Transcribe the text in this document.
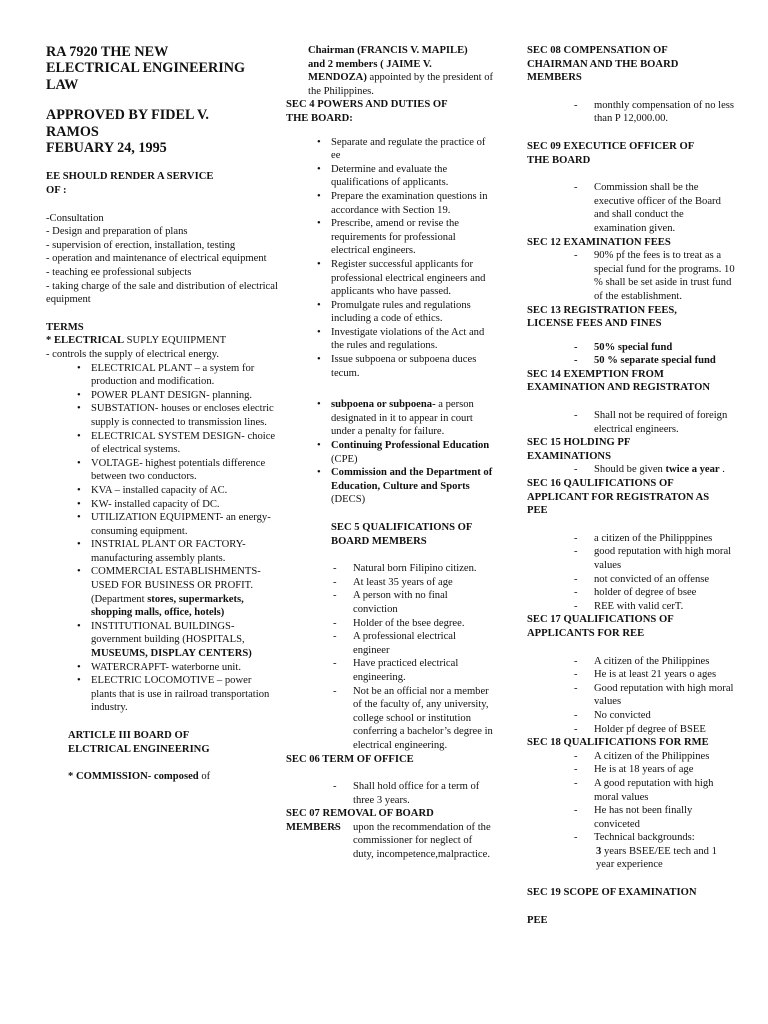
RA 7920 THE NEW
ELECTRICAL ENGINEERING
LAW

APPROVED BY FIDEL V.
RAMOS
FEBUARY 24, 1995

EE SHOULD RENDER A SERVICE
OF :

-Consultation

- Design and preparation of plans

- supervision of erection, installation, testing

- operation and maintenance of electrical equipment

- teaching ee professional subjects

- taking charge of the sale and distribution of electrical equipment

TERMS

* ELECTRICAL SUPLY EQUIIPMENT

- controls the supply of electrical energy.

• ELECTRICAL PLANT – a system for production and modification.
• POWER PLANT DESIGN- planning.
• SUBSTATION- houses or encloses electric supply is connected to transmission lines.
• ELECTRICAL SYSTEM DESIGN- choice of electrical systems.
• VOLTAGE- highest potentials difference between two conductors.
• KVA – installed capacity of AC.
• KW- installed capacity of DC.
• UTILIZATION EQUIPMENT- an energy-consuming equipment.
• INSTRIAL PLANT OR FACTORY- manufacturing assembly plants.
• COMMERCIAL ESTABLISHMENTS- USED FOR BUSINESS OR PROFIT. (Department stores, supermarkets, shopping malls, office, hotels)
• INSTITUTIONAL BUILDINGS-government building (HOSPITALS, MUSEUMS, DISPLAY CENTERS)
• WATERCRAPFT- waterborne unit.
• ELECTRIC LOCOMOTIVE – power plants that is use in railroad transportation industry.

ARTICLE III BOARD OF
ELCTRICAL ENGINEERING

* COMMISSION- composed of

Chairman (FRANCIS V. MAPILE)
and 2 members ( JAIME V.
MENDOZA) appointed by the president of the Philippines.

SEC 4 POWERS AND DUTIES OF
THE BOARD:

• Separate and regulate the practice of ee
• Determine and evaluate the qualifications of applicants.
• Prepare the examination questions in accordance with Section 19.
• Prescribe, amend or revise the requirements for professional electrical engineers.
• Register successful applicants for professional electrical engineers and applicants who have passed.
• Promulgate rules and regulations including a code of ethics.
• Investigate violations of the Act and the rules and regulations.
• Issue subpoena or subpoena duces tecum.
• subpoena or subpoena- a person designated in it to appear in court under a penalty for failure.
• Continuing Professional Education (CPE)
• Commission and the Department of Education, Culture and Sports (DECS)

SEC 5 QUALIFICATIONS OF
BOARD MEMBERS

- Natural born Filipino citizen.
- At least 35 years of age
- A person with no final conviction
- Holder of the bsee degree.
- A professional electrical engineer
- Have practiced electrical engineering.
- Not be an official nor a member of the faculty of, any university, college school or institution conferring a bachelor’s degree in electrical engineering.

SEC 06 TERM OF OFFICE

- Shall hold office for a term of three 3 years.

SEC 07 REMOVAL OF BOARD
MEMBERS

-	upon the recommendation of the commissioner for neglect of duty, incompetence,malpractice.

SEC 08 COMPENSATION OF
CHAIRMAN AND THE BOARD
MEMBERS

- monthly compensation of no less than P 12,000.00.

SEC 09 EXECUTICE OFFICER OF
THE BOARD

- Commission shall be the executive officer of the Board and shall conduct the examination given.

SEC 12 EXAMINATION FEES

- 90% pf the fees is to treat as a special fund for the programs. 10 % shall be set aside in trust fund of the establishment.

SEC 13 REGISTRATION FEES,
LICENSE FEES AND FINES

- 50% special fund
- 50 % separate special fund

SEC 14 EXEMPTION FROM
EXAMINATION AND REGISTRATON

- Shall not be required of foreign electrical engineers.

SEC 15 HOLDING PF
EXAMINATIONS

- Should be given twice a year .

SEC 16 QAULIFICATIONS OF
APPLICANT FOR REGISTRATON AS
PEE

- a citizen of the Philipppines
- good reputation with high moral values
- not convicted of an offense
- holder of degree of bsee
- REE with valid cerT.

SEC 17 QUALIFICATIONS OF
APPLICANTS FOR REE

- A citizen of the Philippines
- He is at least 21 years o ages
- Good reputation with high moral values
- No convicted
- Holder pf degree of BSEE

SEC 18 QUALIFICATIONS FOR RME

- A citizen of the Philippines
- He is at 18 years of age
- A good reputation with high moral values
- He has not been finally conviceted
- Technical backgrounds:

3 years BSEE/EE tech and 1 year experience

SEC 19 SCOPE OF EXAMINATION

PEE
